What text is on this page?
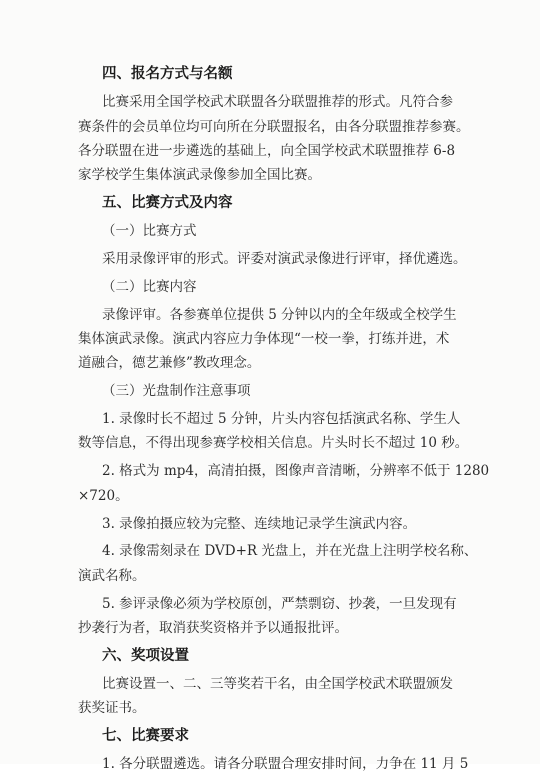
四、报名方式与名额
比赛采用全国学校武术联盟各分联盟推荐的形式。凡符合参
赛条件的会员单位均可向所在分联盟报名，由各分联盟推荐参赛。
各分联盟在进一步遴选的基础上，向全国学校武术联盟推荐 6-8
家学校学生集体演武录像参加全国比赛。
五、比赛方式及内容
（一）比赛方式
采用录像评审的形式。评委对演武录像进行评审，择优遴选。
（二）比赛内容
录像评审。各参赛单位提供 5 分钟以内的全年级或全校学生
集体演武录像。演武内容应力争体现“一校一拳，打练并进，术
道融合，德艺兼修”教改理念。
（三）光盘制作注意事项
1. 录像时长不超过 5 分钟，片头内容包括演武名称、学生人
数等信息，不得出现参赛学校相关信息。片头时长不超过 10 秒。
2. 格式为 mp4，高清拍摄，图像声音清晰，分辨率不低于 1280
×720。
3. 录像拍摄应较为完整、连续地记录学生演武内容。
4. 录像需刻录在 DVD+R 光盘上，并在光盘上注明学校名称、
演武名称。
5. 参评录像必须为学校原创，严禁剽窃、抄袭，一旦发现有
抄袭行为者，取消获奖资格并予以通报批评。
六、奖项设置
比赛设置一、二、三等奖若干名，由全国学校武术联盟颁发
获奖证书。
七、比赛要求
1. 各分联盟遴选。请各分联盟合理安排时间，力争在 11 月 5
